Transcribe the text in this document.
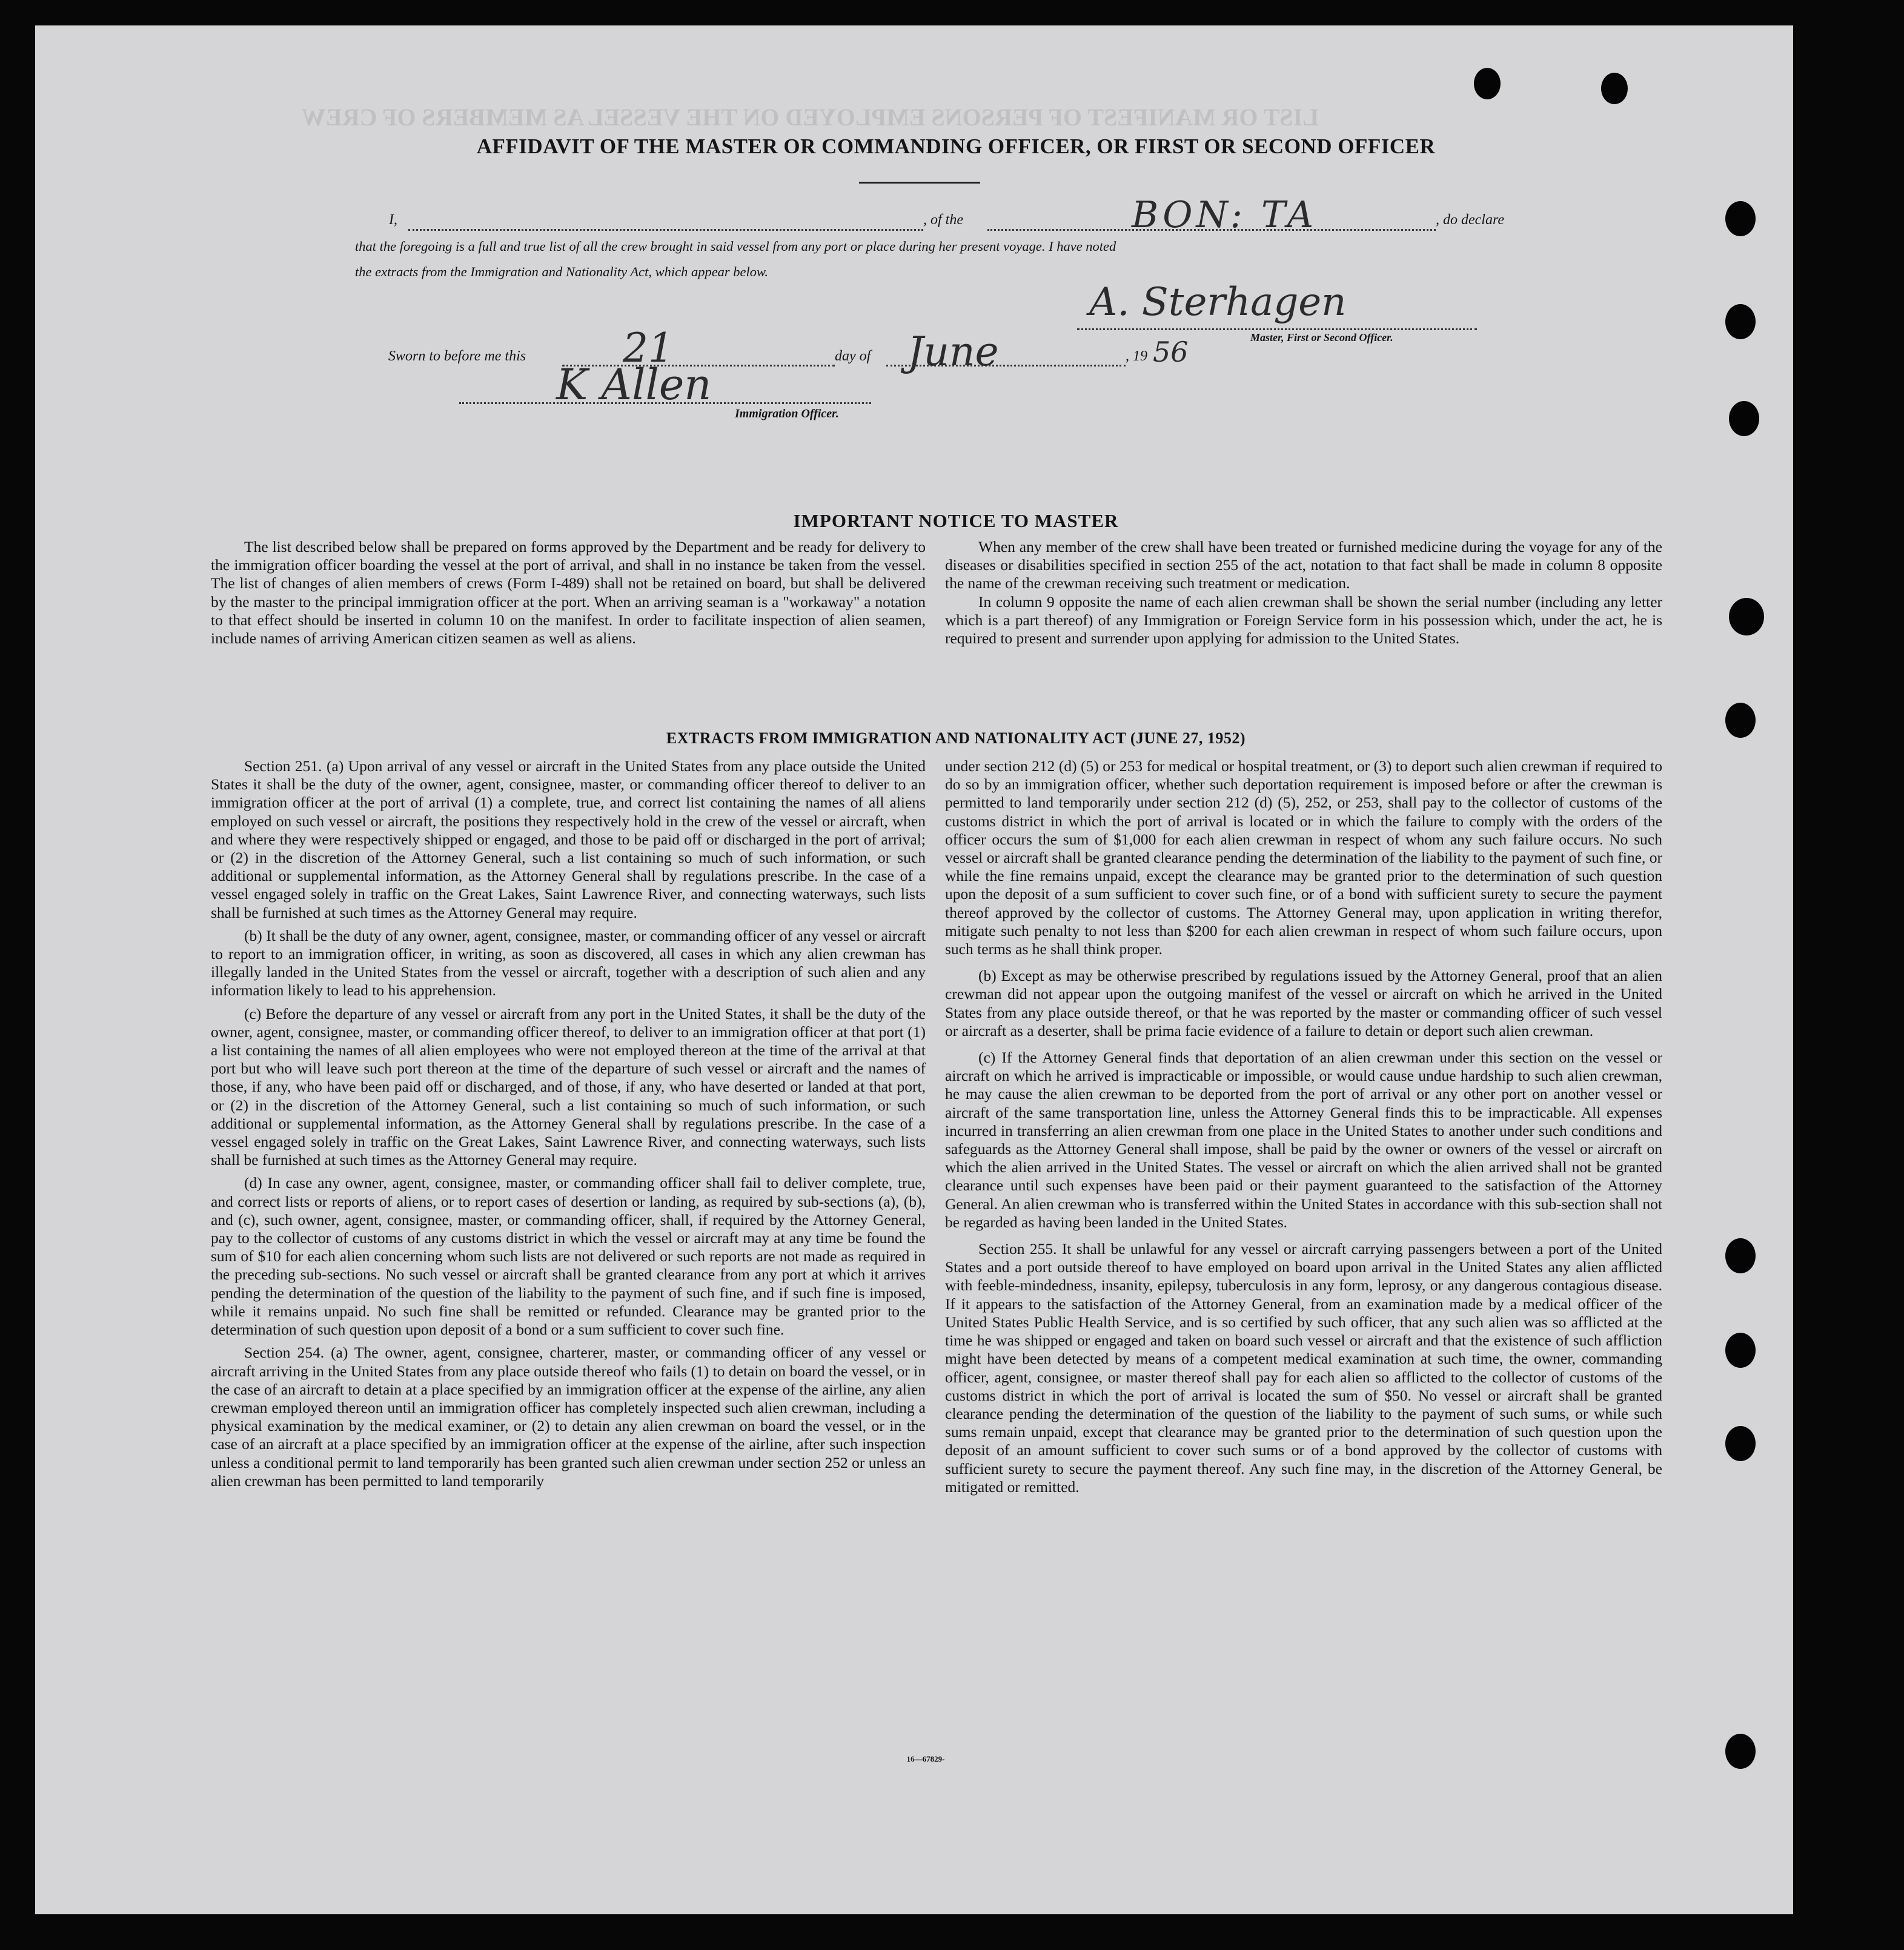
LIST OR MANIFEST OF PERSONS EMPLOYED ON THE VESSEL AS MEMBERS OF CREW
AFFIDAVIT OF THE MASTER OR COMMANDING OFFICER, OR FIRST OR SECOND OFFICER
I,	, of the	BON: TA	, do declare
that the foregoing is a full and true list of all the crew brought in said vessel from any port or place during her present voyage. I have noted
the extracts from the Immigration and Nationality Act, which appear below.
A. Sterhagen
Master, First or Second Officer.
Sworn to before me this 21	day of June	, 19 56
K Allen
Immigration Officer.
IMPORTANT NOTICE TO MASTER

The list described below shall be prepared on forms approved by the Department and be ready for delivery to the immigration officer boarding the vessel at the port of arrival, and shall in no instance be taken from the vessel. The list of changes of alien members of crews (Form I-489) shall not be retained on board, but shall be delivered by the master to the principal immigration officer at the port. When an arriving seaman is a "workaway" a notation to that effect should be inserted in column 10 on the manifest. In order to facilitate inspection of alien seamen, include names of arriving American citizen seamen as well as aliens.

When any member of the crew shall have been treated or furnished medicine during the voyage for any of the diseases or disabilities specified in section 255 of the act, notation to that fact shall be made in column 8 opposite the name of the crewman receiving such treatment or medication.

In column 9 opposite the name of each alien crewman shall be shown the serial number (including any letter which is a part thereof) of any Immigration or Foreign Service form in his possession which, under the act, he is required to present and surrender upon applying for admission to the United States.

EXTRACTS FROM IMMIGRATION AND NATIONALITY ACT (JUNE 27, 1952)

Section 251. (a) Upon arrival of any vessel or aircraft in the United States from any place outside the United States it shall be the duty of the owner, agent, consignee, master, or commanding officer thereof to deliver to an immigration officer at the port of arrival (1) a complete, true, and correct list containing the names of all aliens employed on such vessel or aircraft, the positions they respectively hold in the crew of the vessel or aircraft, when and where they were respectively shipped or engaged, and those to be paid off or discharged in the port of arrival; or (2) in the discretion of the Attorney General, such a list containing so much of such information, or such additional or supplemental information, as the Attorney General shall by regulations prescribe. In the case of a vessel engaged solely in traffic on the Great Lakes, Saint Lawrence River, and connecting waterways, such lists shall be furnished at such times as the Attorney General may require.

(b) It shall be the duty of any owner, agent, consignee, master, or commanding officer of any vessel or aircraft to report to an immigration officer, in writing, as soon as discovered, all cases in which any alien crewman has illegally landed in the United States from the vessel or aircraft, together with a description of such alien and any information likely to lead to his apprehension.

(c) Before the departure of any vessel or aircraft from any port in the United States, it shall be the duty of the owner, agent, consignee, master, or commanding officer thereof, to deliver to an immigration officer at that port (1) a list containing the names of all alien employees who were not employed thereon at the time of the arrival at that port but who will leave such port thereon at the time of the departure of such vessel or aircraft and the names of those, if any, who have been paid off or discharged, and of those, if any, who have deserted or landed at that port, or (2) in the discretion of the Attorney General, such a list containing so much of such information, or such additional or supplemental information, as the Attorney General shall by regulations prescribe. In the case of a vessel engaged solely in traffic on the Great Lakes, Saint Lawrence River, and connecting waterways, such lists shall be furnished at such times as the Attorney General may require.

(d) In case any owner, agent, consignee, master, or commanding officer shall fail to deliver complete, true, and correct lists or reports of aliens, or to report cases of desertion or landing, as required by sub-sections (a), (b), and (c), such owner, agent, consignee, master, or commanding officer, shall, if required by the Attorney General, pay to the collector of customs of any customs district in which the vessel or aircraft may at any time be found the sum of $10 for each alien concerning whom such lists are not delivered or such reports are not made as required in the preceding sub-sections. No such vessel or aircraft shall be granted clearance from any port at which it arrives pending the determination of the question of the liability to the payment of such fine, and if such fine is imposed, while it remains unpaid. No such fine shall be remitted or refunded. Clearance may be granted prior to the determination of such question upon deposit of a bond or a sum sufficient to cover such fine.

Section 254. (a) The owner, agent, consignee, charterer, master, or commanding officer of any vessel or aircraft arriving in the United States from any place outside thereof who fails (1) to detain on board the vessel, or in the case of an aircraft to detain at a place specified by an immigration officer at the expense of the airline, any alien crewman employed thereon until an immigration officer has completely inspected such alien crewman, including a physical examination by the medical examiner, or (2) to detain any alien crewman on board the vessel, or in the case of an aircraft at a place specified by an immigration officer at the expense of the airline, after such inspection unless a conditional permit to land temporarily has been granted such alien crewman under section 252 or unless an alien crewman has been permitted to land temporarily

under section 212 (d) (5) or 253 for medical or hospital treatment, or (3) to deport such alien crewman if required to do so by an immigration officer, whether such deportation requirement is imposed before or after the crewman is permitted to land temporarily under section 212 (d) (5), 252, or 253, shall pay to the collector of customs of the customs district in which the port of arrival is located or in which the failure to comply with the orders of the officer occurs the sum of $1,000 for each alien crewman in respect of whom any such failure occurs. No such vessel or aircraft shall be granted clearance pending the determination of the liability to the payment of such fine, or while the fine remains unpaid, except the clearance may be granted prior to the determination of such question upon the deposit of a sum sufficient to cover such fine, or of a bond with sufficient surety to secure the payment thereof approved by the collector of customs. The Attorney General may, upon application in writing therefor, mitigate such penalty to not less than $200 for each alien crewman in respect of whom such failure occurs, upon such terms as he shall think proper.

(b) Except as may be otherwise prescribed by regulations issued by the Attorney General, proof that an alien crewman did not appear upon the outgoing manifest of the vessel or aircraft on which he arrived in the United States from any place outside thereof, or that he was reported by the master or commanding officer of such vessel or aircraft as a deserter, shall be prima facie evidence of a failure to detain or deport such alien crewman.

(c) If the Attorney General finds that deportation of an alien crewman under this section on the vessel or aircraft on which he arrived is impracticable or impossible, or would cause undue hardship to such alien crewman, he may cause the alien crewman to be deported from the port of arrival or any other port on another vessel or aircraft of the same transportation line, unless the Attorney General finds this to be impracticable. All expenses incurred in transferring an alien crewman from one place in the United States to another under such conditions and safeguards as the Attorney General shall impose, shall be paid by the owner or owners of the vessel or aircraft on which the alien arrived in the United States. The vessel or aircraft on which the alien arrived shall not be granted clearance until such expenses have been paid or their payment guaranteed to the satisfaction of the Attorney General. An alien crewman who is transferred within the United States in accordance with this sub-section shall not be regarded as having been landed in the United States.

Section 255. It shall be unlawful for any vessel or aircraft carrying passengers between a port of the United States and a port outside thereof to have employed on board upon arrival in the United States any alien afflicted with feeble-mindedness, insanity, epilepsy, tuberculosis in any form, leprosy, or any dangerous contagious disease. If it appears to the satisfaction of the Attorney General, from an examination made by a medical officer of the United States Public Health Service, and is so certified by such officer, that any such alien was so afflicted at the time he was shipped or engaged and taken on board such vessel or aircraft and that the existence of such affliction might have been detected by means of a competent medical examination at such time, the owner, commanding officer, agent, consignee, or master thereof shall pay for each alien so afflicted to the collector of customs of the customs district in which the port of arrival is located the sum of $50. No vessel or aircraft shall be granted clearance pending the determination of the question of the liability to the payment of such sums, or while such sums remain unpaid, except that clearance may be granted prior to the determination of such question upon the deposit of an amount sufficient to cover such sums or of a bond approved by the collector of customs with sufficient surety to secure the payment thereof. Any such fine may, in the discretion of the Attorney General, be mitigated or remitted.

16—67829-
